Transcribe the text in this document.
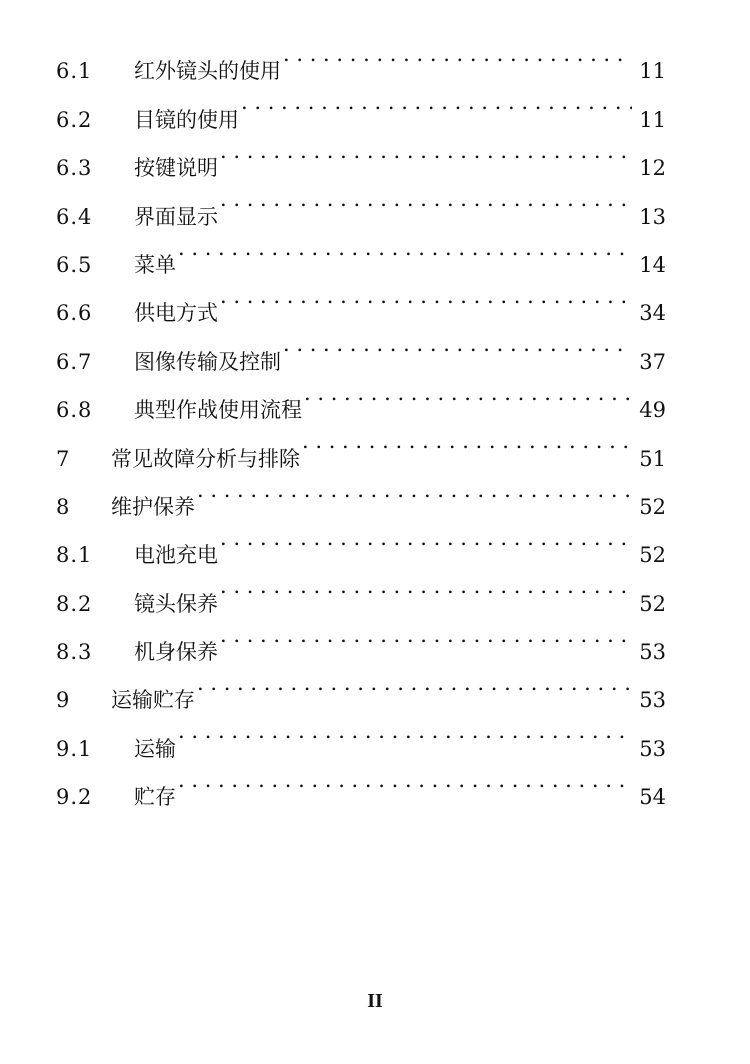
6.1	红外镜头的使用 . . .	11
6.2	目镜的使用 . . .	11
6.3	按键说明 . . .	12
6.4	界面显示 . . .	13
6.5	菜单 . . .	14
6.6	供电方式 . . .	34
6.7	图像传输及控制 . . .	37
6.8	典型作战使用流程 . . .	49
7	常见故障分析与排除 . . .	51
8	维护保养 . . .	52
8.1	电池充电 . . .	52
8.2	镜头保养 . . .	52
8.3	机身保养 . . .	53
9	运输贮存 . . .	53
9.1	运输 . . .	53
9.2	贮存 . . .	54
II
